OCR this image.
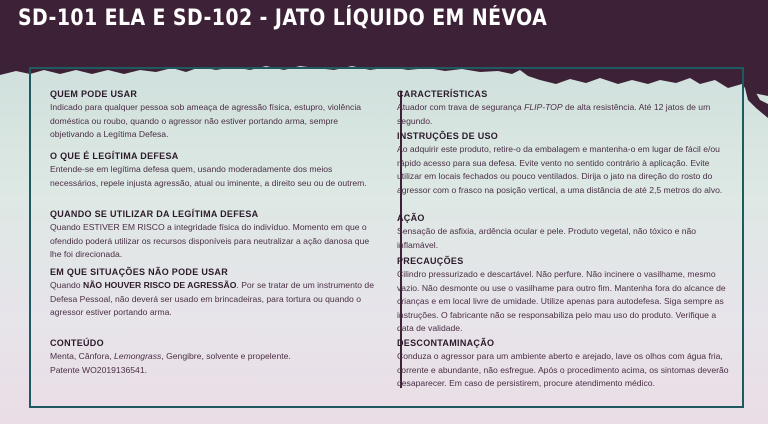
SD-101 ELA E SD-102 - JATO LÍQUIDO EM NÉVOA
QUEM PODE USAR

Indicado para qualquer pessoa sob ameaça de agressão física, estupro, violência doméstica ou roubo, quando o agressor não estiver portando arma, sempre objetivando a Legítima Defesa.

O QUE É LEGÍTIMA DEFESA

Entende-se em legítima defesa quem, usando moderadamente dos meios necessários, repele injusta agressão, atual ou iminente, a direito seu ou de outrem.

QUANDO SE UTILIZAR DA LEGÍTIMA DEFESA

Quando ESTIVER EM RISCO a integridade física do indivíduo. Momento em que o ofendido poderá utilizar os recursos disponíveis para neutralizar a ação danosa que lhe foi direcionada.

EM QUE SITUAÇÕES NÃO PODE USAR

Quando NÃO HOUVER RISCO DE AGRESSÃO. Por se tratar de um instrumento de Defesa Pessoal, não deverá ser usado em brincadeiras, para tortura ou quando o agressor estiver portando arma.

CONTEÚDO

Menta, Cânfora, Lemongrass, Gengibre, solvente e propelente.

Patente WO2019136541.

CARACTERÍSTICAS

Atuador com trava de segurança FLIP-TOP de alta resistência. Até 12 jatos de um segundo.

INSTRUÇÕES DE USO

Ao adquirir este produto, retire-o da embalagem e mantenha-o em lugar de fácil e/ou rápido acesso para sua defesa. Evite vento no sentido contrário à aplicação. Evite utilizar em locais fechados ou pouco ventilados. Dirija o jato na direção do rosto do agressor com o frasco na posição vertical, a uma distância de até 2,5 metros do alvo.

AÇÃO

Sensação de asfixia, ardência ocular e pele. Produto vegetal, não tóxico e não inflamável.

PRECAUÇÕES

Cilindro pressurizado e descartável. Não perfure. Não incinere o vasilhame, mesmo vazio. Não desmonte ou use o vasilhame para outro fim. Mantenha fora do alcance de crianças e em local livre de umidade. Utilize apenas para autodefesa. Siga sempre as instruções. O fabricante não se responsabiliza pelo mau uso do produto. Verifique a data de validade.

DESCONTAMINAÇÃO

Conduza o agressor para um ambiente aberto e arejado, lave os olhos com água fria, corrente e abundante, não esfregue. Após o procedimento acima, os sintomas deverão desaparecer. Em caso de persistirem, procure atendimento médico.
